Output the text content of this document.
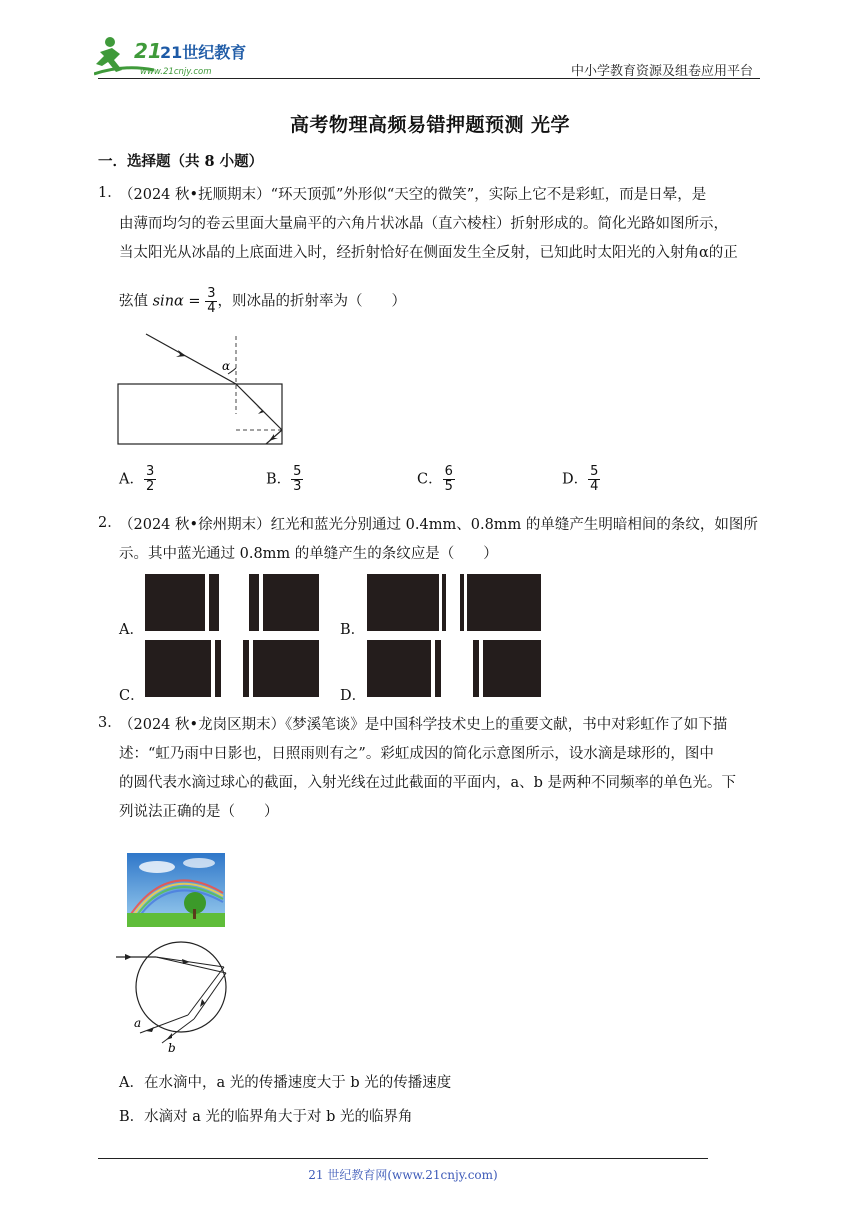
21
21世纪教育
www.21cnjy.com	中小学教育资源及组卷应用平台
高考物理高频易错押题预测 光学
一．选择题（共 8 小题）
1．
（2024 秋•抚顺期末）“环天顶弧”外形似“天空的微笑”，实际上它不是彩虹，而是日晕，是
由薄而均匀的卷云里面大量扁平的六角片状冰晶（直六棱柱）折射形成的。简化光路如图所示，
当太阳光从冰晶的上底面进入时，经折射恰好在侧面发生全反射，已知此时太阳光的入射角α的正
弦值 $\sin\alpha = \frac{3}{4}$ ，则冰晶的折射率为（　　）
α
A． $\frac{3}{2}$	B． $\frac{5}{3}$	C． $\frac{6}{5}$	D． $\frac{5}{4}$
2．
（2024 秋•徐州期末）红光和蓝光分别通过 0.4mm、0.8mm 的单缝产生明暗相间的条纹，如图所
示。其中蓝光通过 0.8mm 的单缝产生的条纹应是（　　）
A．	B．
C．	D．
3．
（2024 秋•龙岗区期末）《梦溪笔谈》是中国科学技术史上的重要文献，书中对彩虹作了如下描
述：“虹乃雨中日影也，日照雨则有之”。彩虹成因的简化示意图所示，设水滴是球形的，图中
的圆代表水滴过球心的截面，入射光线在过此截面的平面内，a、b 是两种不同频率的单色光。下
列说法正确的是（　　）
a
b
A．在水滴中，a 光的传播速度大于 b 光的传播速度
B．水滴对 a 光的临界角大于对 b 光的临界角
21 世纪教育网(www.21cnjy.com)
